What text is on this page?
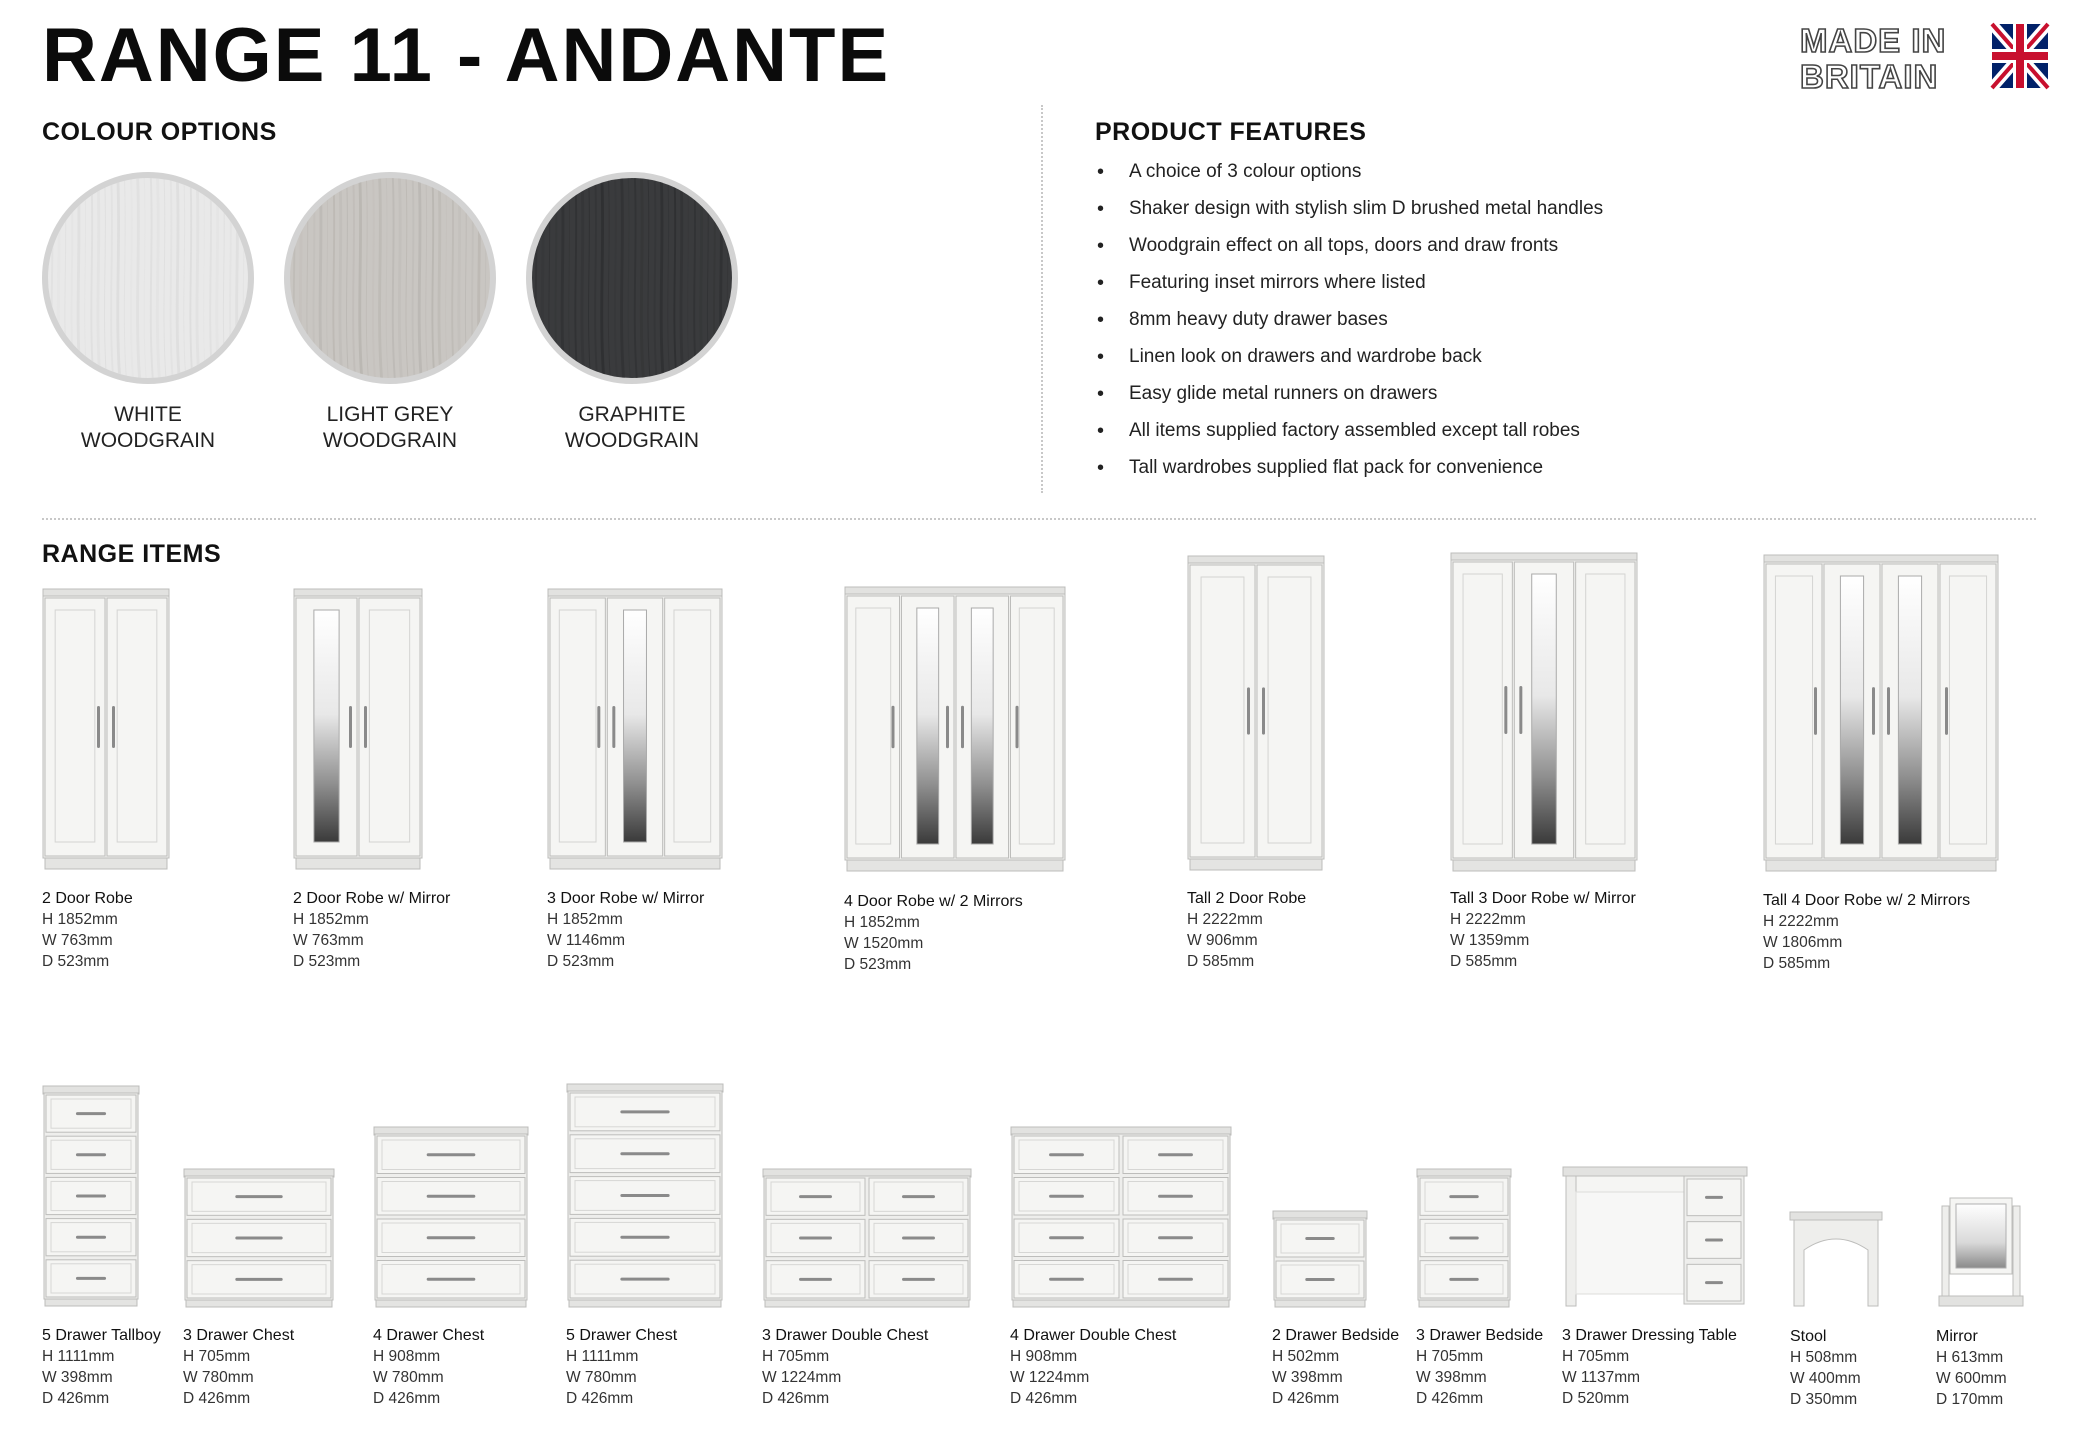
RANGE 11 - ANDANTE	MADE IN
BRITAIN
COLOUR OPTIONS
WHITE
WOODGRAIN
LIGHT GREY
WOODGRAIN
GRAPHITE
WOODGRAIN
PRODUCT FEATURES
•	A choice of 3 colour options
•	Shaker design with stylish slim D brushed metal handles
•	Woodgrain effect on all tops, doors and draw fronts
•	Featuring inset mirrors where listed
•	8mm heavy duty drawer bases
•	Linen look on drawers and wardrobe back
•	Easy glide metal runners on drawers
•	All items supplied factory assembled except tall robes
•	Tall wardrobes supplied flat pack for convenience
RANGE ITEMS
2 Door Robe
H 1852mm
W 763mm
D 523mm
2 Door Robe w/ Mirror
H 1852mm
W 763mm
D 523mm
3 Door Robe w/ Mirror
H 1852mm
W 1146mm
D 523mm
4 Door Robe w/ 2 Mirrors
H 1852mm
W 1520mm
D 523mm
Tall 2 Door Robe
H 2222mm
W 906mm
D 585mm
Tall 3 Door Robe w/ Mirror
H 2222mm
W 1359mm
D 585mm
Tall 4 Door Robe w/ 2 Mirrors
H 2222mm
W 1806mm
D 585mm
5 Drawer Tallboy
H 1111mm
W 398mm
D 426mm
3 Drawer Chest
H 705mm
W 780mm
D 426mm
4 Drawer Chest
H 908mm
W 780mm
D 426mm
5 Drawer Chest
H 1111mm
W 780mm
D 426mm
3 Drawer Double Chest
H 705mm
W 1224mm
D 426mm
4 Drawer Double Chest
H 908mm
W 1224mm
D 426mm
2 Drawer Bedside
H 502mm
W 398mm
D 426mm
3 Drawer Bedside
H 705mm
W 398mm
D 426mm
3 Drawer Dressing Table
H 705mm
W 1137mm
D 520mm
Stool
H 508mm
W 400mm
D 350mm
Mirror
H 613mm
W 600mm
D 170mm
